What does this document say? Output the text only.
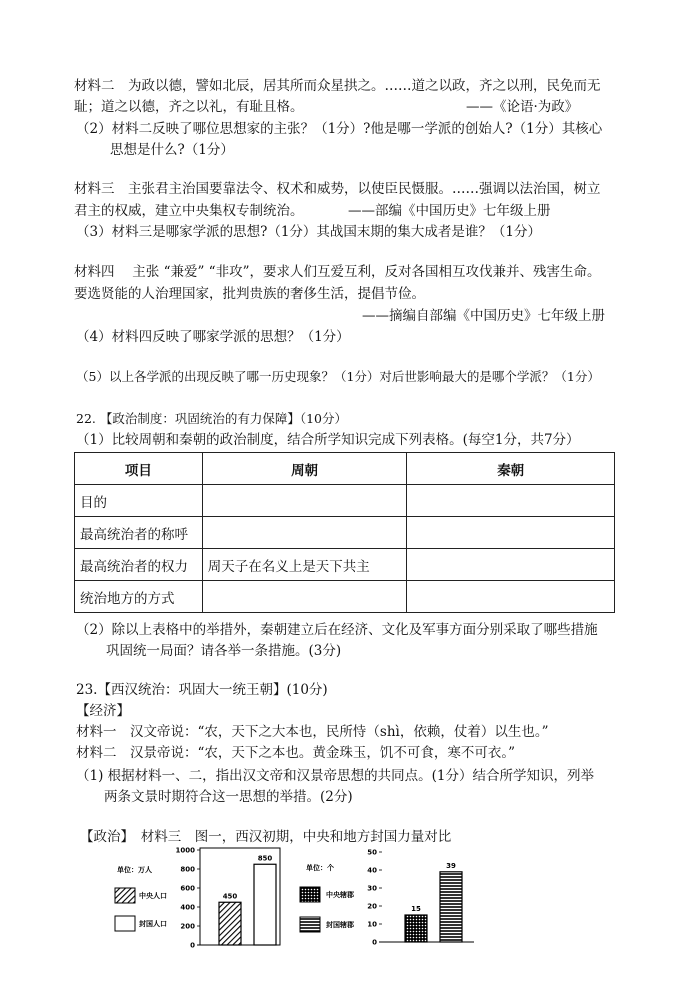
材料二　为政以德，譬如北辰，居其所而众星拱之。……道之以政，齐之以刑，民免而无
耻；道之以德，齐之以礼，有耻且格。	——《论语·为政》
（2）材料二反映了哪位思想家的主张？（1分）?他是哪一学派的创始人?（1分）其核心
思想是什么?（1分）
材料三　主张君主治国要靠法令、权术和威势，以使臣民慑服。……强调以法治国，树立
君主的权威，建立中央集权专制统治。	——部编《中国历史》七年级上册
（3）材料三是哪家学派的思想?（1分）其战国末期的集大成者是谁？（1分）
材料四　 主张 “兼爱” “非攻”，要求人们互爱互利，反对各国相互攻伐兼并、残害生命。
要选贤能的人治理国家，批判贵族的奢侈生活，提倡节俭。
——摘编自部编《中国历史》七年级上册
（4）材料四反映了哪家学派的思想？（1分）
（5）以上各学派的出现反映了哪一历史现象？（1分）对后世影响最大的是哪个学派？（1分）
22. 【政治制度：巩固统治的有力保障】（10分）
（1）比较周朝和秦朝的政治制度，结合所学知识完成下列表格。(每空1分，共7分）
项目	周朝	秦朝
目的		
最高统治者的称呼		
最高统治者的权力	周天子在名义上是天下共主	
统治地方的方式		
（2）除以上表格中的举措外，秦朝建立后在经济、文化及军事方面分别采取了哪些措施
巩固统一局面？请各举一条措施。(3分)
23.【西汉统治：巩固大一统王朝】(10分)
【经济】
材料一　汉文帝说：“农，天下之大本也，民所恃（shì，依赖，仗着）以生也。”
材料二　汉景帝说：“农，天下之本也。黄金珠玉，饥不可食，寒不可衣。”
（1) 根据材料一、二，指出汉文帝和汉景帝思想的共同点。(1分）结合所学知识，列举
两条文景时期符合这一思想的举措。(2分)
【政治】　材料三　图一，西汉初期，中央和地方封国力量对比
单位：万人
中央人口
封国人口
0
200
400
600
800
1000
450
850
单位：个
中央辖郡
封国辖郡
0
10
20
30
40
50
15
39
